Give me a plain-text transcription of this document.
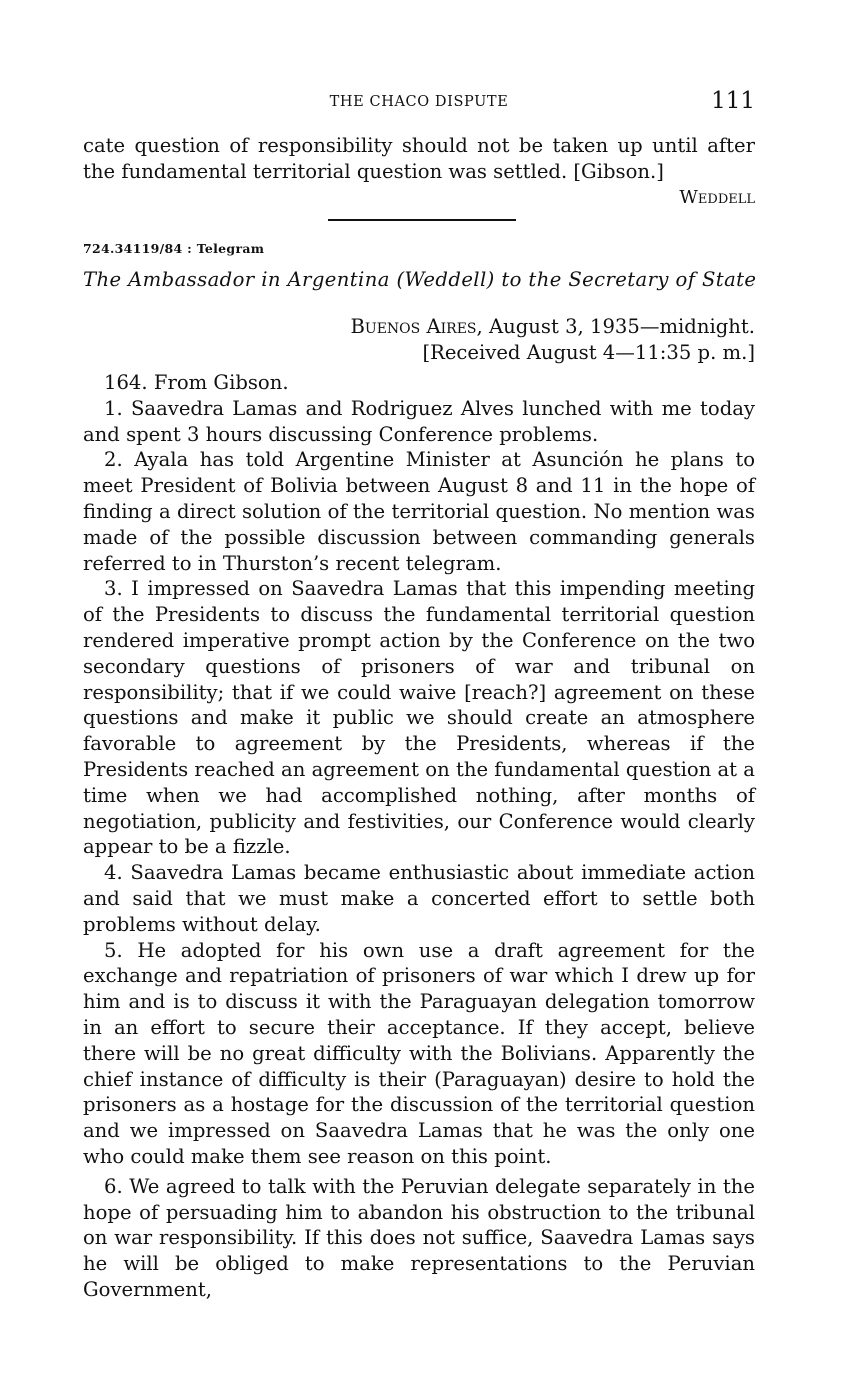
THE CHACO DISPUTE	111

cate question of responsibility should not be taken up until after the fundamental territorial question was settled. [Gibson.]

Weddell
724.34119/84 : Telegram
The Ambassador in Argentina (Weddell) to the Secretary of State
Buenos Aires, August 3, 1935—midnight.
[Received August 4—11:35 p. m.]

164. From Gibson.

1. Saavedra Lamas and Rodriguez Alves lunched with me today and spent 3 hours discussing Conference problems.

2. Ayala has told Argentine Minister at Asunción he plans to meet President of Bolivia between August 8 and 11 in the hope of finding a direct solution of the territorial question. No mention was made of the possible discussion between commanding generals referred to in Thurston’s recent telegram.

3. I impressed on Saavedra Lamas that this impending meeting of the Presidents to discuss the fundamental territorial question rendered imperative prompt action by the Conference on the two secondary questions of prisoners of war and tribunal on responsibility; that if we could waive [reach?] agreement on these questions and make it public we should create an atmosphere favorable to agreement by the Presidents, whereas if the Presidents reached an agreement on the fundamental question at a time when we had accomplished nothing, after months of negotiation, publicity and festivities, our Conference would clearly appear to be a fizzle.

4. Saavedra Lamas became enthusiastic about immediate action and said that we must make a concerted effort to settle both problems without delay.

5. He adopted for his own use a draft agreement for the exchange and repatriation of prisoners of war which I drew up for him and is to discuss it with the Paraguayan delegation tomorrow in an effort to secure their acceptance. If they accept, believe there will be no great difficulty with the Bolivians. Apparently the chief instance of difficulty is their (Paraguayan) desire to hold the prisoners as a hostage for the discussion of the territorial question and we impressed on Saavedra Lamas that he was the only one who could make them see reason on this point.

6. We agreed to talk with the Peruvian delegate separately in the hope of persuading him to abandon his obstruction to the tribunal on war responsibility. If this does not suffice, Saavedra Lamas says he will be obliged to make representations to the Peruvian Government,
